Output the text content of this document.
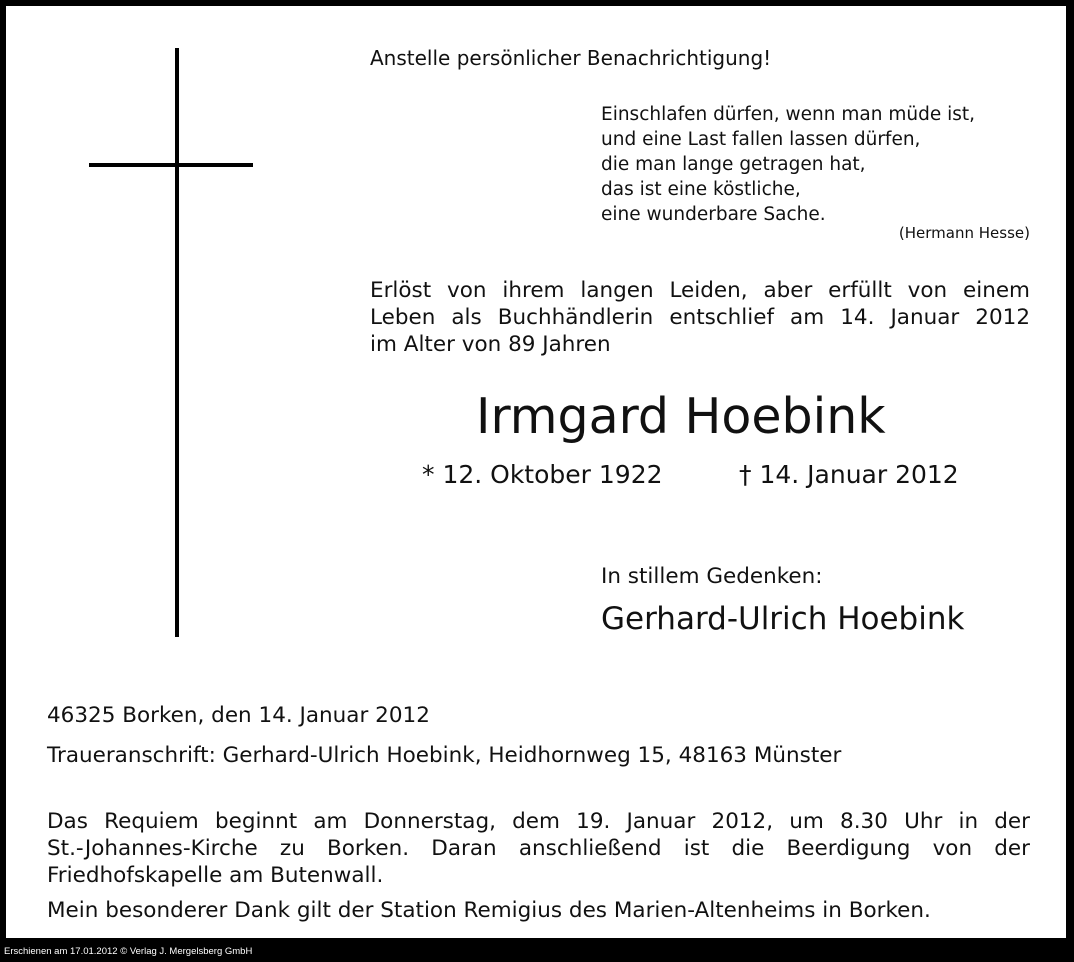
Anstelle persönlicher Benachrichtigung!
Einschlafen dürfen, wenn man müde ist,
und eine Last fallen lassen dürfen,
die man lange getragen hat,
das ist eine köstliche,
eine wunderbare Sache.
(Hermann Hesse)
Erlöst von ihrem langen Leiden, aber erfüllt von einem
Leben als Buchhändlerin entschlief am 14. Januar 2012
im Alter von 89 Jahren
Irmgard Hoebink
* 12. Oktober 1922	† 14. Januar 2012
In stillem Gedenken:
Gerhard-Ulrich Hoebink
46325 Borken, den 14. Januar 2012
Traueranschrift: Gerhard-Ulrich Hoebink, Heidhornweg 15, 48163 Münster
Das Requiem beginnt am Donnerstag, dem 19. Januar 2012, um 8.30 Uhr in der
St.-Johannes-Kirche zu Borken. Daran anschließend ist die Beerdigung von der
Friedhofskapelle am Butenwall.
Mein besonderer Dank gilt der Station Remigius des Marien-Altenheims in Borken.
Erschienen am 17.01.2012 © Verlag J. Mergelsberg GmbH
